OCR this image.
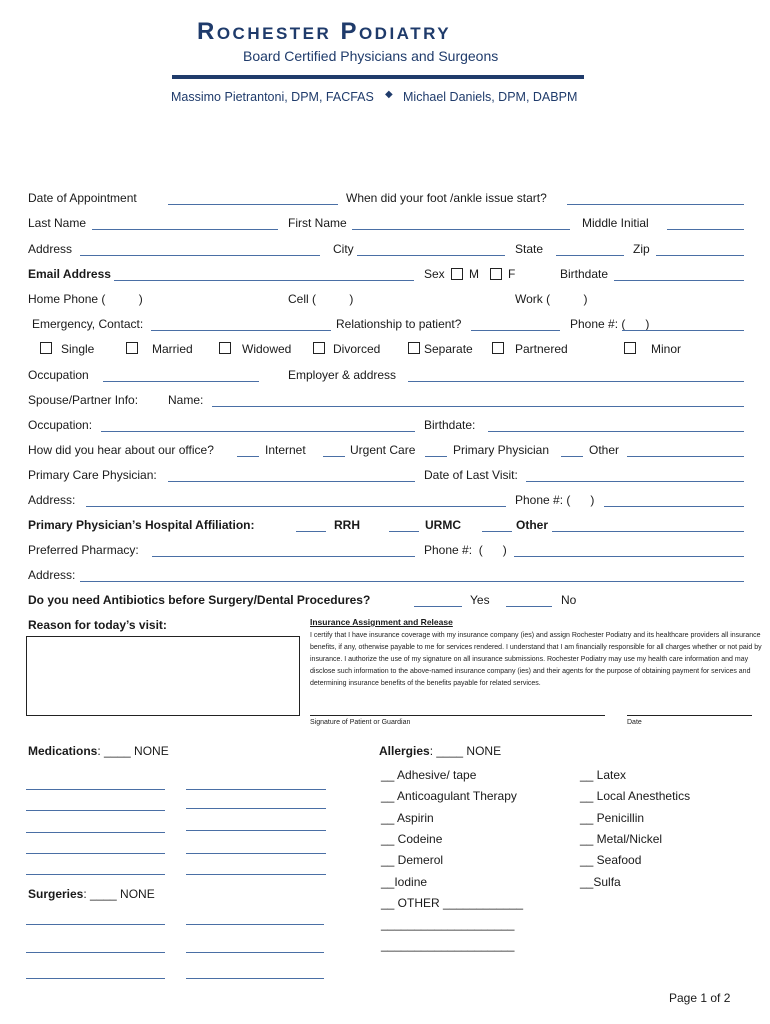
Rochester Podiatry
Board Certified Physicians and Surgeons
Massimo Pietrantoni, DPM, FACFAS ◆ Michael Daniels, DPM, DABPM
Date of Appointment	When did your foot /ankle issue start?
Last Name	First Name	Middle Initial
Address	City	State	Zip
Email Address	Sex M F	Birthdate
Home Phone (          )	Cell (          )	Work (          )
Emergency, Contact:	Relationship to patient?	Phone #: (      )
Single	Married	Widowed	Divorced	Separate	Partnered	Minor
Occupation	Employer & address
Spouse/Partner Info: Name:
Occupation:	Birthdate:
How did you hear about our office?	Internet	Urgent Care	Primary Physician	Other
Primary Care Physician:	Date of Last Visit:
Address:	Phone #: (      )
Primary Physician’s Hospital Affiliation:	RRH	URMC	Other
Preferred Pharmacy:	Phone #:  (      )
Address:
Do you need Antibiotics before Surgery/Dental Procedures?	Yes	No
Reason for today’s visit:	Insurance Assignment and Release
I certify that I have insurance coverage with my insurance company (ies) and assign Rochester Podiatry and its healthcare providers all insurance benefits, if any, otherwise payable to me for services rendered. I understand that I am financially responsible for all charges whether or not paid by insurance. I authorize the use of my signature on all insurance submissions. Rochester Podiatry may use my health care information and may disclose such information to the above-named insurance company (ies) and their agents for the purpose of obtaining payment for services and determining insurance benefits of the benefits payable for related services.
Signature of Patient or Guardian	Date
Medications: ____ NONE
Surgeries: ____ NONE
Allergies: ____ NONE
__ Adhesive/ tape
__ Anticoagulant Therapy
__ Aspirin
__ Codeine
__ Demerol
__Iodine
__ OTHER ____________
____________________
____________________
__ Latex
__ Local Anesthetics
__ Penicillin
__ Metal/Nickel
__ Seafood
__Sulfa
Page 1 of 2
